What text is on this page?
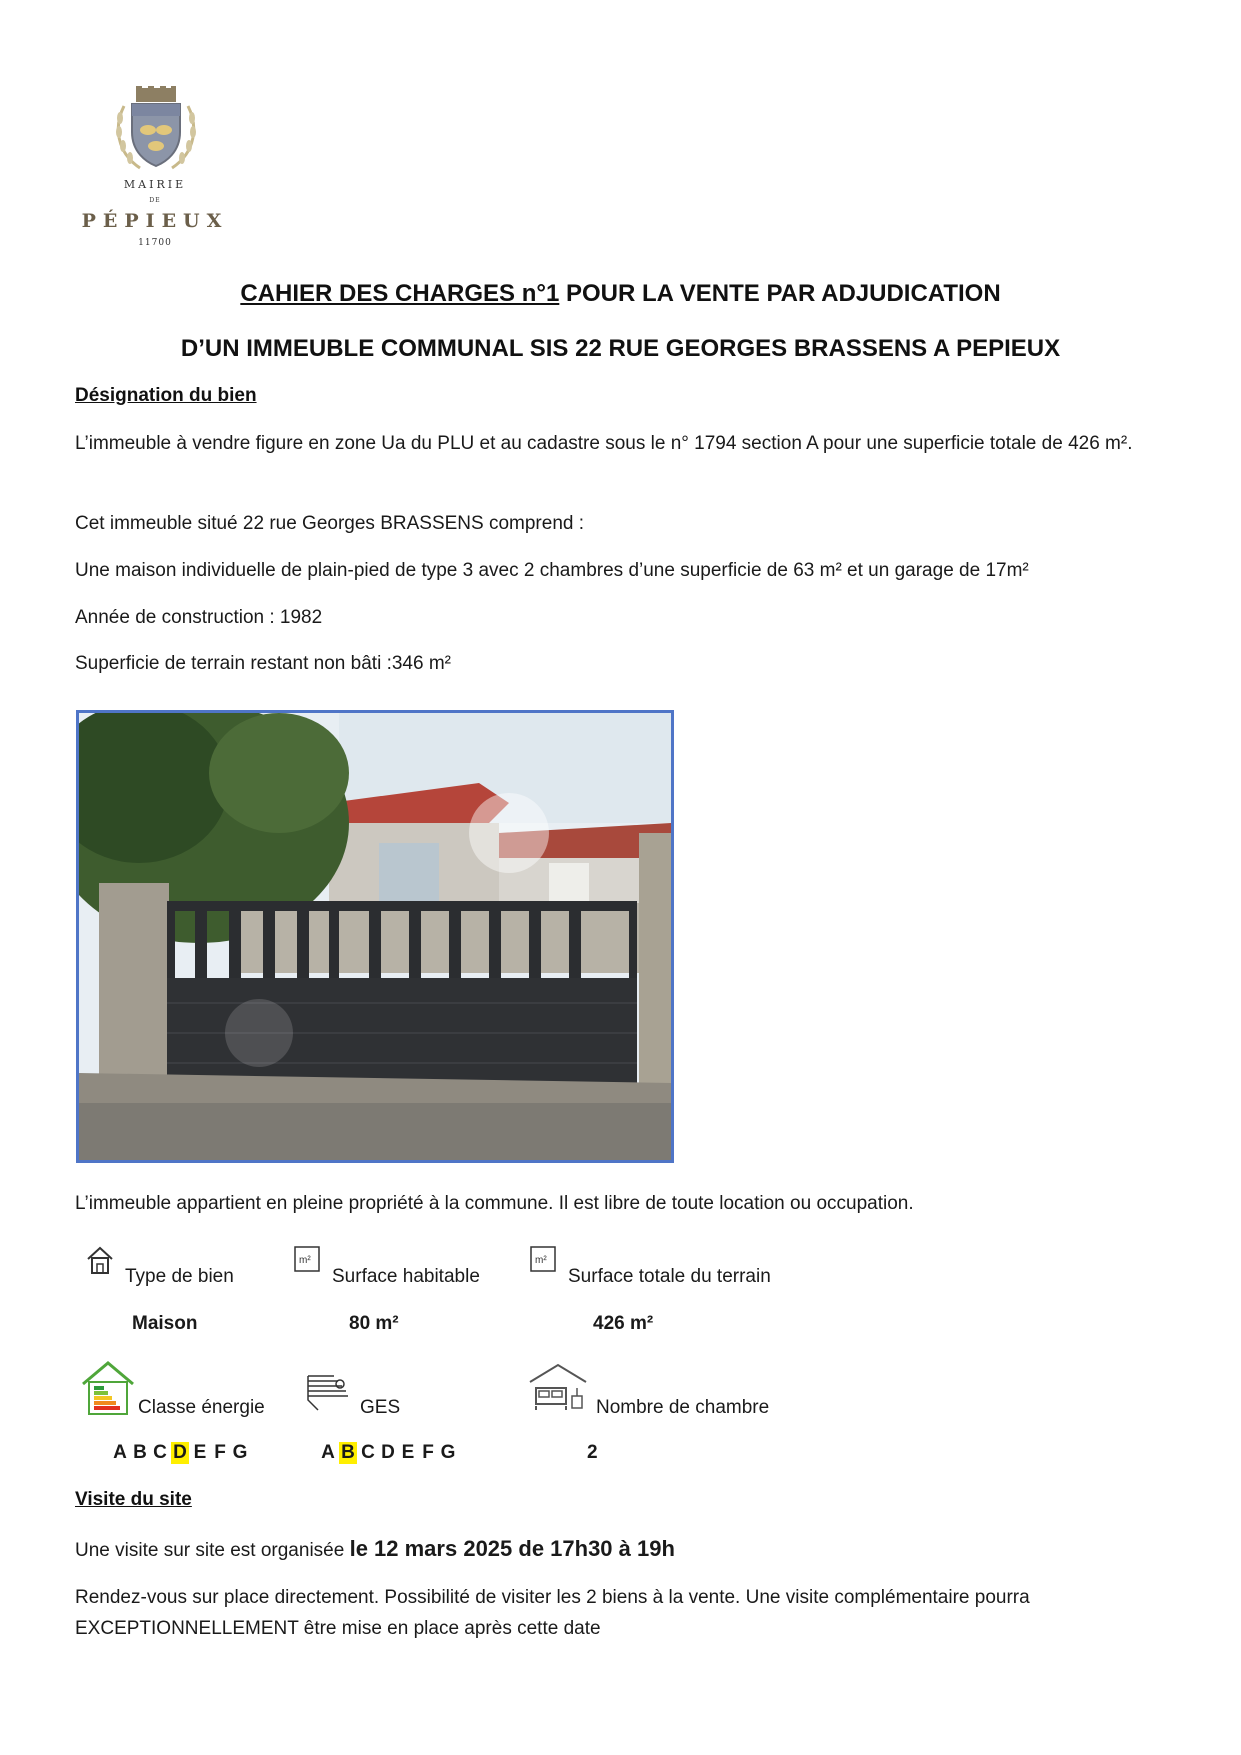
MAIRIE
DE
PÉPIEUX
11700
CAHIER DES CHARGES n°1 POUR LA VENTE PAR ADJUDICATION
D’UN IMMEUBLE COMMUNAL SIS 22 RUE GEORGES BRASSENS A PEPIEUX
Désignation du bien
L’immeuble à vendre figure en zone Ua du PLU et au cadastre sous le n° 1794 section A pour une superficie totale de 426 m².
Cet immeuble situé 22 rue Georges BRASSENS comprend :
Une maison individuelle de plain-pied de type 3 avec 2 chambres d’une superficie de 63 m² et un garage de 17m²
Année de construction : 1982
Superficie de terrain restant non bâti :346 m²
L’immeuble appartient en pleine propriété à la commune. Il est libre de toute location ou occupation.
Type de bien
Maison
m²
Surface habitable
80 m²
m²
Surface totale du terrain
426 m²
Classe énergie
A B C D E F G
GES
A B C D E F G
Nombre de chambre
2
Visite du site
Une visite sur site est organisée le 12 mars 2025 de 17h30 à 19h
Rendez-vous sur place directement. Possibilité de visiter les 2 biens à la vente. Une visite complémentaire pourra EXCEPTIONNELLEMENT être mise en place après cette date
